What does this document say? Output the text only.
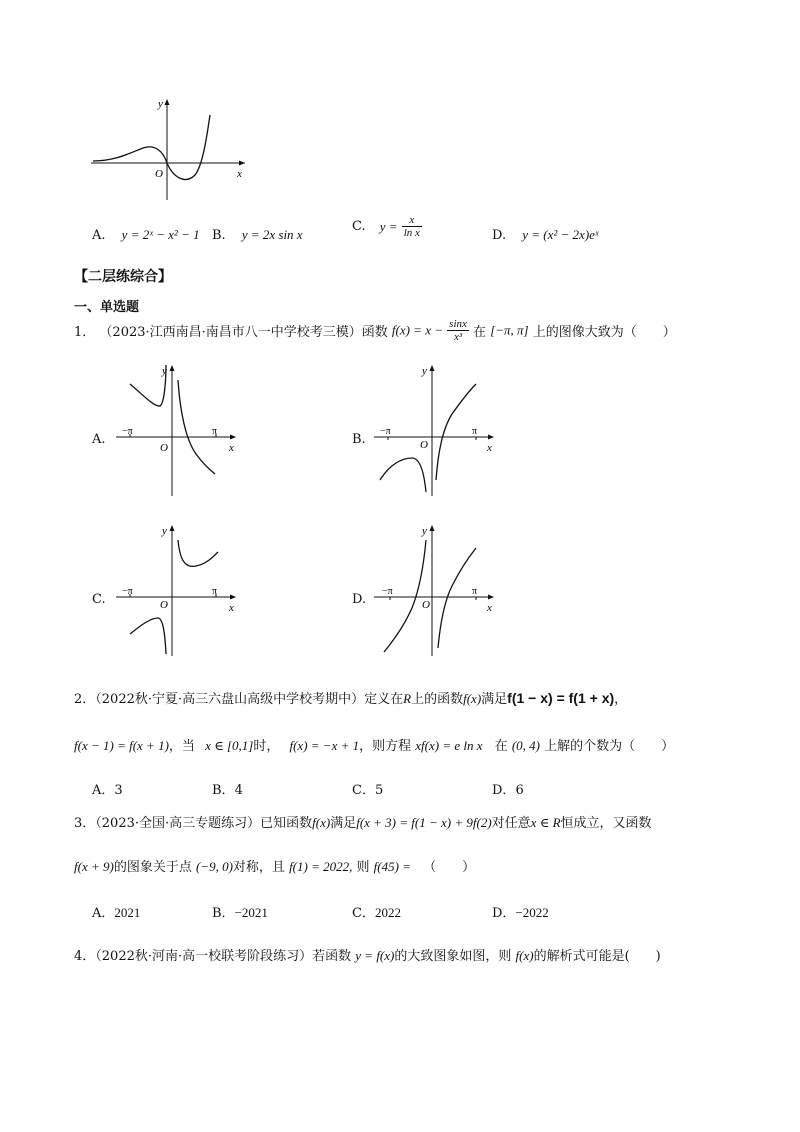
y
x
O
A. y = 2ˣ − x² − 1 B. y = 2x sin x
C. $y = \frac{x}{\text{ln x}}$	D. y = (x² − 2x)eˣ
【二层练综合】
一、单选题
1． （2023·江西南昌·南昌市八一中学校考三模）函数 $f(x) = x - \frac{\sin x}{\text{x³}}$ 在 [−π, π] 上的图像大致为（　　）
A.
y
x
O
−π	π
B.
y
x
O
−π	π
C.
y
x
O
−π	π
D.
y
x
O
−π	π
2．（2022秋·宁夏·高三六盘山高级中学校考期中）定义在R上的函数f(x)满足f(1 − x) = f(1 + x)，
f(x − 1) = f(x + 1)，当 x ∈ [0,1]时， f(x) = −x + 1，则方程 xf(x) = e ln x 在 (0, 4) 上解的个数为（　　）
A．3	B．4	C．5	D．6
3．（2023·全国·高三专题练习）已知函数f(x)满足f(x + 3) = f(1 − x) + 9f(2)对任意x ∈ R恒成立，又函数
f(x + 9)的图象关于点 (−9, 0)对称，且 f(1) = 2022, 则 f(45) = （　　）
A．2021	B．−2021	C．2022	D．−2022
4．（2022秋·河南·高一校联考阶段练习）若函数 y = f(x)的大致图象如图，则 f(x)的解析式可能是(　　)
